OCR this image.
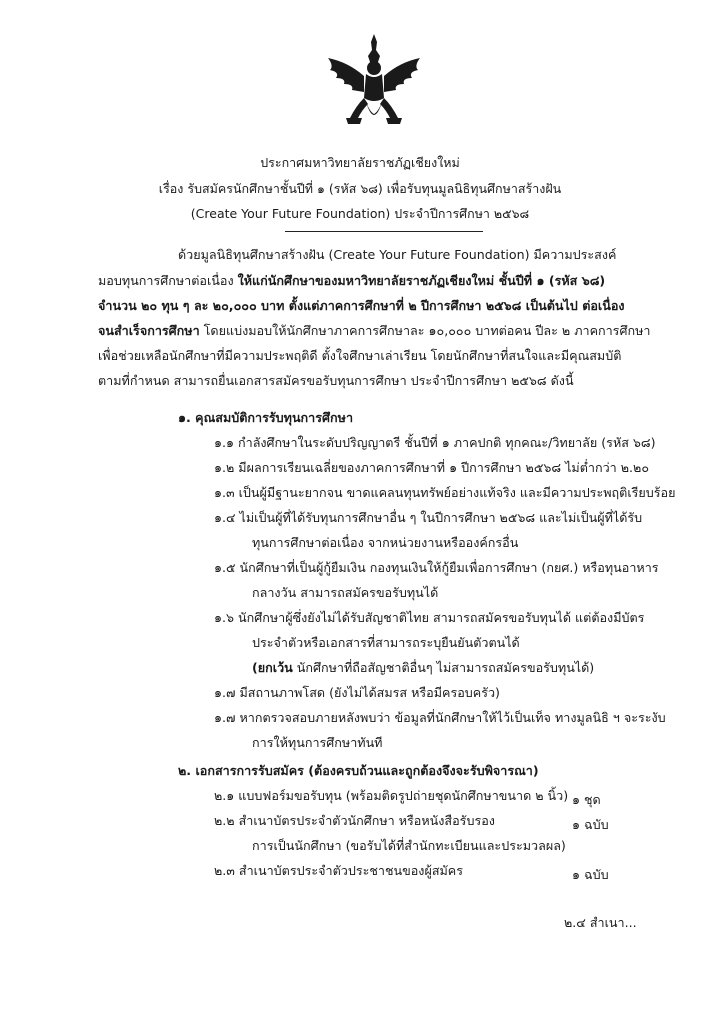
ประกาศมหาวิทยาลัยราชภัฏเชียงใหม่
เรื่อง รับสมัครนักศึกษาชั้นปีที่ ๑ (รหัส ๖๘) เพื่อรับทุนมูลนิธิทุนศึกษาสร้างฝัน
(Create Your Future Foundation) ประจำปีการศึกษา ๒๕๖๘
ด้วยมูลนิธิทุนศึกษาสร้างฝัน (Create Your Future Foundation) มีความประสงค์
มอบทุนการศึกษาต่อเนื่อง ให้แก่นักศึกษาของมหาวิทยาลัยราชภัฏเชียงใหม่ ชั้นปีที่ ๑ (รหัส ๖๘)
จำนวน ๒๐ ทุน ๆ ละ ๒๐,๐๐๐ บาท ตั้งแต่ภาคการศึกษาที่ ๒ ปีการศึกษา ๒๕๖๘ เป็นต้นไป ต่อเนื่อง
จนสำเร็จการศึกษา โดยแบ่งมอบให้นักศึกษาภาคการศึกษาละ ๑๐,๐๐๐ บาทต่อคน ปีละ ๒ ภาคการศึกษา
เพื่อช่วยเหลือนักศึกษาที่มีความประพฤติดี ตั้งใจศึกษาเล่าเรียน โดยนักศึกษาที่สนใจและมีคุณสมบัติ
ตามที่กำหนด สามารถยื่นเอกสารสมัครขอรับทุนการศึกษา ประจำปีการศึกษา ๒๕๖๘ ดังนี้
๑. คุณสมบัติการรับทุนการศึกษา
๑.๑ กำลังศึกษาในระดับปริญญาตรี ชั้นปีที่ ๑ ภาคปกติ ทุกคณะ/วิทยาลัย (รหัส ๖๘)
๑.๒ มีผลการเรียนเฉลี่ยของภาคการศึกษาที่ ๑ ปีการศึกษา ๒๕๖๘ ไม่ต่ำกว่า ๒.๒๐
๑.๓ เป็นผู้มีฐานะยากจน ขาดแคลนทุนทรัพย์อย่างแท้จริง และมีความประพฤติเรียบร้อย
๑.๔ ไม่เป็นผู้ที่ได้รับทุนการศึกษาอื่น ๆ ในปีการศึกษา ๒๕๖๘ และไม่เป็นผู้ที่ได้รับ
ทุนการศึกษาต่อเนื่อง จากหน่วยงานหรือองค์กรอื่น
๑.๕ นักศึกษาที่เป็นผู้กู้ยืมเงิน กองทุนเงินให้กู้ยืมเพื่อการศึกษา (กยศ.) หรือทุนอาหาร
กลางวัน สามารถสมัครขอรับทุนได้
๑.๖ นักศึกษาผู้ซึ่งยังไม่ได้รับสัญชาติไทย สามารถสมัครขอรับทุนได้ แต่ต้องมีบัตร
ประจำตัวหรือเอกสารที่สามารถระบุยืนยันตัวตนได้
(ยกเว้น นักศึกษาที่ถือสัญชาติอื่นๆ ไม่สามารถสมัครขอรับทุนได้)
๑.๗ มีสถานภาพโสด (ยังไม่ได้สมรส หรือมีครอบครัว)
๑.๗ หากตรวจสอบภายหลังพบว่า ข้อมูลที่นักศึกษาให้ไว้เป็นเท็จ ทางมูลนิธิ ฯ จะระงับ
การให้ทุนการศึกษาทันที
๒. เอกสารการรับสมัคร (ต้องครบถ้วนและถูกต้องจึงจะรับพิจารณา)
๒.๑ แบบฟอร์มขอรับทุน (พร้อมติดรูปถ่ายชุดนักศึกษาขนาด ๒ นิ้ว) ๑ ชุด
๒.๒ สำเนาบัตรประจำตัวนักศึกษา หรือหนังสือรับรอง	๑ ฉบับ
การเป็นนักศึกษา (ขอรับได้ที่สำนักทะเบียนและประมวลผล)
๒.๓ สำเนาบัตรประจำตัวประชาชนของผู้สมัคร	๑ ฉบับ
๒.๔ สำเนา...
